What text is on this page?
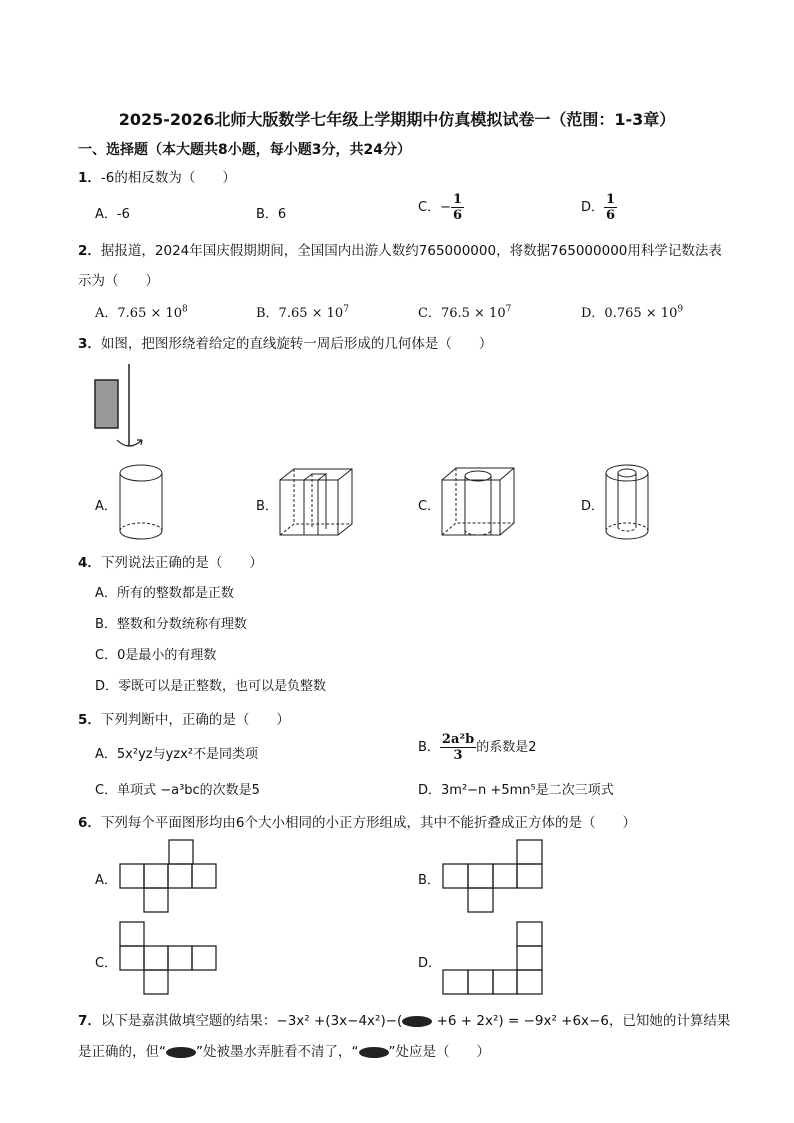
2025-2026北师大版数学七年级上学期期中仿真模拟试卷一（范围：1-3章）
一、选择题（本大题共8小题，每小题3分，共24分）
1．-6的相反数为（　　）
A．-6	B．6	C．− $\frac{1}{6}$	D． $\frac{1}{6}$
2．据报道，2024年国庆假期期间，全国国内出游人数约765000000，将数据765000000用科学记数法表
示为（　　）
A．$7.65 \times 10^8$	B．$7.65 \times 10^7$	C．$76.5 \times 10^7$	D．$0.765 \times 10^9$
3．如图，把图形绕着给定的直线旋转一周后形成的几何体是（　　）
A．	B．	C．	D．
4．下列说法正确的是（　　）
A．所有的整数都是正数
B．整数和分数统称有理数
C．0是最小的有理数
D．零既可以是正整数，也可以是负整数
5．下列判断中，正确的是（　　）
A．5x²yz与yzx²不是同类项	B． $\frac{\text{2a²b}}{3}$ 的系数是2
C．单项式 −a³bc的次数是5	D．3m²−n +5mn⁵是二次三项式
6．下列每个平面图形均由6个大小相同的小正方形组成，其中不能折叠成正方体的是（　　）
A．	B．
C．	D．
7．以下是嘉淇做填空题的结果：−3x² +(3x−4x²)−( +6 + 2x²) = −9x² +6x−6，已知她的计算结果
是正确的，但“ ”处被墨水弄脏看不清了，“ ”处应是（　　）
